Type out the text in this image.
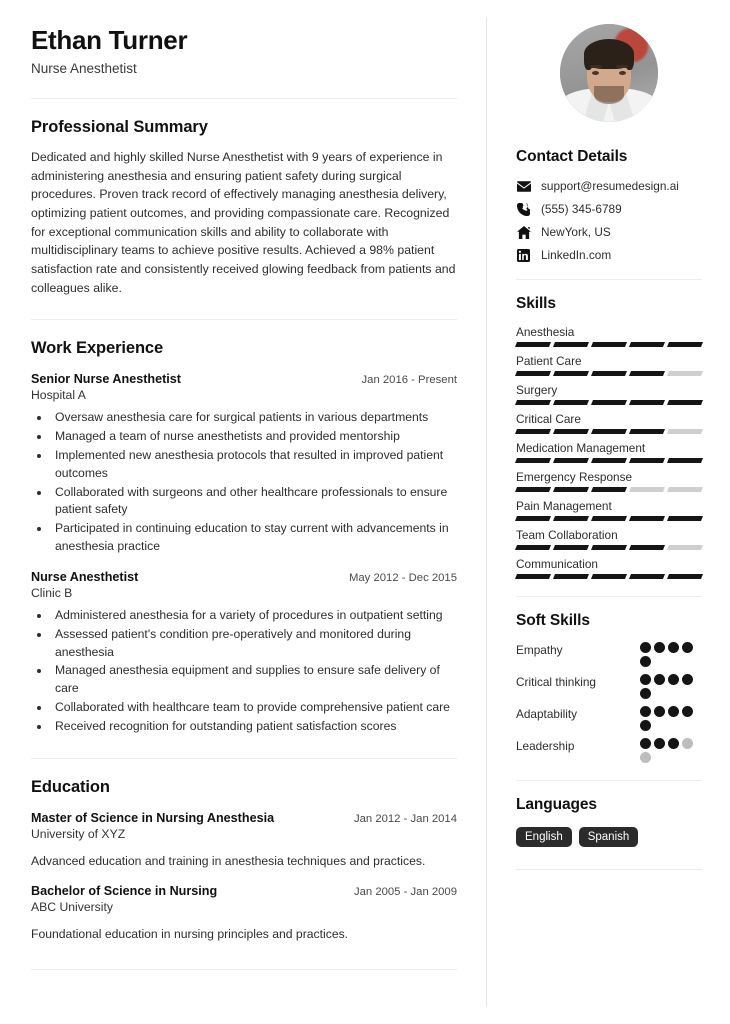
Ethan Turner
Nurse Anesthetist
Professional Summary
Dedicated and highly skilled Nurse Anesthetist with 9 years of experience in administering anesthesia and ensuring patient safety during surgical procedures. Proven track record of effectively managing anesthesia delivery, optimizing patient outcomes, and providing compassionate care. Recognized for exceptional communication skills and ability to collaborate with multidisciplinary teams to achieve positive results. Achieved a 98% patient satisfaction rate and consistently received glowing feedback from patients and colleagues alike.
Work Experience
Senior Nurse Anesthetist	Jan 2016 - Present
Hospital A
• Oversaw anesthesia care for surgical patients in various departments
• Managed a team of nurse anesthetists and provided mentorship
• Implemented new anesthesia protocols that resulted in improved patient outcomes
• Collaborated with surgeons and other healthcare professionals to ensure patient safety
• Participated in continuing education to stay current with advancements in anesthesia practice
Nurse Anesthetist	May 2012 - Dec 2015
Clinic B
• Administered anesthesia for a variety of procedures in outpatient setting
• Assessed patient's condition pre-operatively and monitored during anesthesia
• Managed anesthesia equipment and supplies to ensure safe delivery of care
• Collaborated with healthcare team to provide comprehensive patient care
• Received recognition for outstanding patient satisfaction scores
Education
Master of Science in Nursing Anesthesia	Jan 2012 - Jan 2014
University of XYZ
Advanced education and training in anesthesia techniques and practices.
Bachelor of Science in Nursing	Jan 2005 - Jan 2009
ABC University
Foundational education in nursing principles and practices.
Contact Details
support@resumedesign.ai
(555) 345-6789
NewYork, US
LinkedIn.com
Skills
Anesthesia
Patient Care
Surgery
Critical Care
Medication Management
Emergency Response
Pain Management
Team Collaboration
Communication
Soft Skills
Empathy
Critical thinking
Adaptability
Leadership
Languages
English	Spanish
